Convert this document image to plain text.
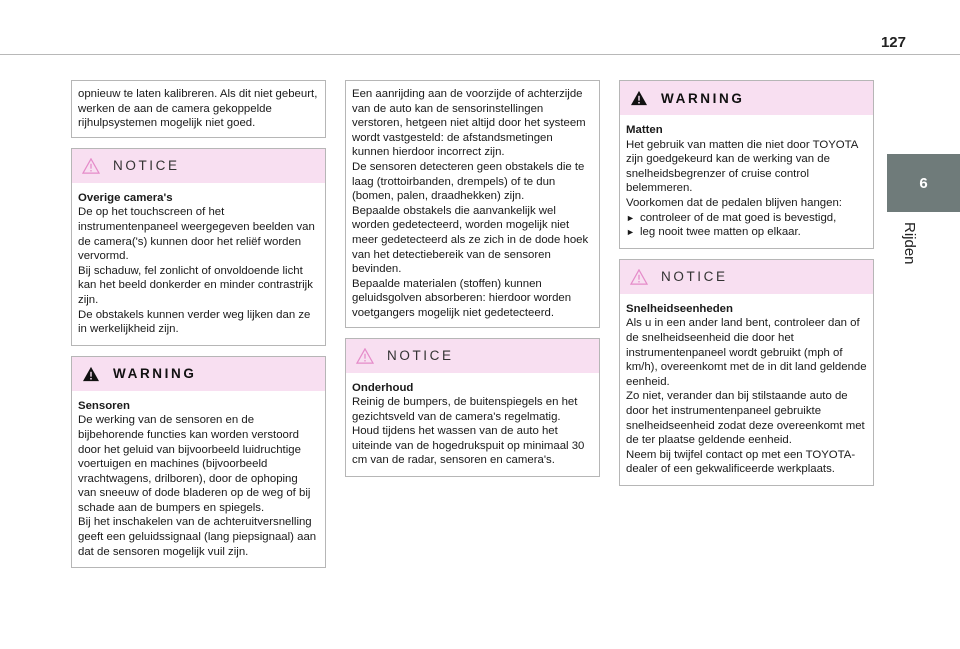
127
6
Rijden

opnieuw te laten kalibreren. Als dit niet gebeurt, werken de aan de camera gekoppelde rijhulpsystemen mogelijk niet goed.

NOTICE

Overige camera's

De op het touchscreen of het instrumentenpaneel weergegeven beelden van de camera('s) kunnen door het reliëf worden vervormd.

Bij schaduw, fel zonlicht of onvoldoende licht kan het beeld donkerder en minder contrastrijk zijn.

De obstakels kunnen verder weg lijken dan ze in werkelijkheid zijn.

WARNING

Sensoren

De werking van de sensoren en de bijbehorende functies kan worden verstoord door het geluid van bijvoorbeeld luidruchtige voertuigen en machines (bijvoorbeeld vrachtwagens, drilboren), door de ophoping van sneeuw of dode bladeren op de weg of bij schade aan de bumpers en spiegels.

Bij het inschakelen van de achteruitversnelling geeft een geluidssignaal (lang piepsignaal) aan dat de sensoren mogelijk vuil zijn.

Een aanrijding aan de voorzijde of achterzijde van de auto kan de sensorinstellingen verstoren, hetgeen niet altijd door het systeem wordt vastgesteld: de afstandsmetingen kunnen hierdoor incorrect zijn.

De sensoren detecteren geen obstakels die te laag (trottoirbanden, drempels) of te dun (bomen, palen, draadhekken) zijn.

Bepaalde obstakels die aanvankelijk wel worden gedetecteerd, worden mogelijk niet meer gedetecteerd als ze zich in de dode hoek van het detectiebereik van de sensoren bevinden.

Bepaalde materialen (stoffen) kunnen geluidsgolven absorberen: hierdoor worden voetgangers mogelijk niet gedetecteerd.

NOTICE

Onderhoud

Reinig de bumpers, de buitenspiegels en het gezichtsveld van de camera's regelmatig.

Houd tijdens het wassen van de auto het uiteinde van de hogedrukspuit op minimaal 30 cm van de radar, sensoren en camera's.

WARNING

Matten

Het gebruik van matten die niet door TOYOTA zijn goedgekeurd kan de werking van de snelheidsbegrenzer of cruise control belemmeren.

Voorkomen dat de pedalen blijven hangen:

► controleer of de mat goed is bevestigd,
► leg nooit twee matten op elkaar.
NOTICE

Snelheidseenheden

Als u in een ander land bent, controleer dan of de snelheidseenheid die door het instrumentenpaneel wordt gebruikt (mph of km/h), overeenkomt met de in dit land geldende eenheid.

Zo niet, verander dan bij stilstaande auto de door het instrumentenpaneel gebruikte snelheidseenheid zodat deze overeenkomt met de ter plaatse geldende eenheid.

Neem bij twijfel contact op met een TOYOTA-dealer of een gekwalificeerde werkplaats.
